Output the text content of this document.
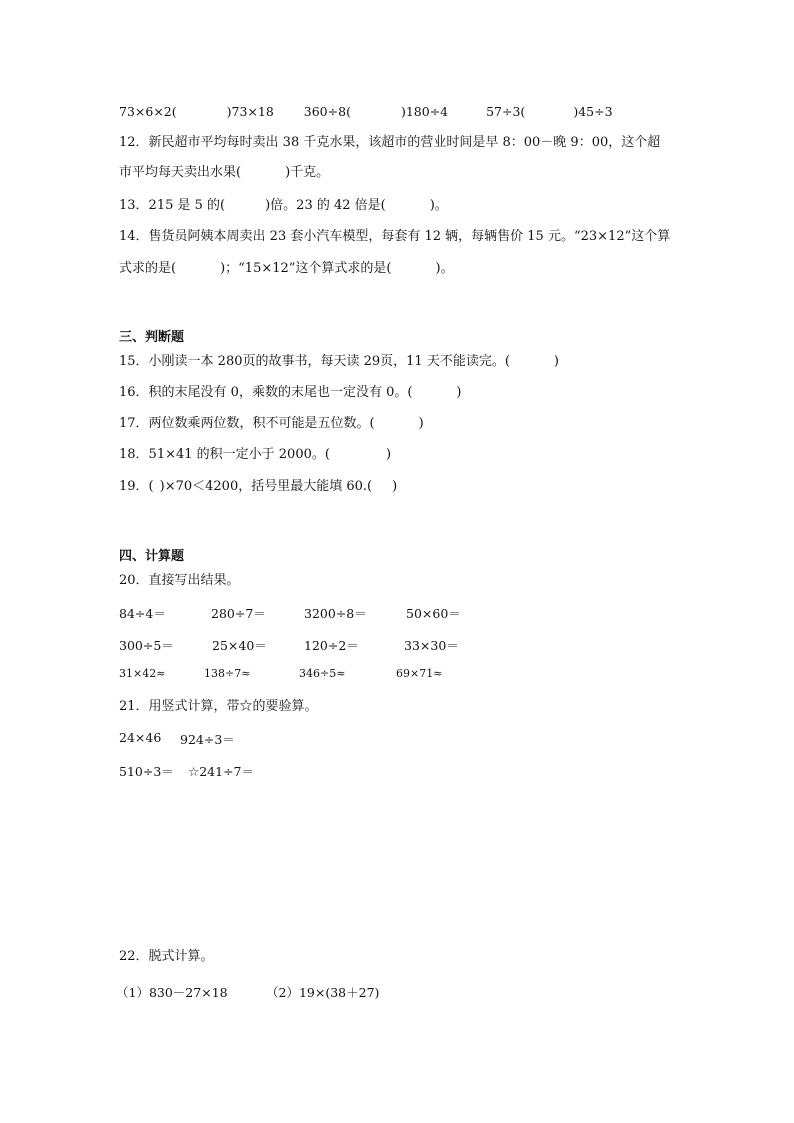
73×6×2(	)73×18 360÷8(	)180÷4	57÷3(	)45÷3
12．新民超市平均每时卖出 38 千克水果，该超市的营业时间是早 8：00－晚 9：00，这个超
市平均每天卖出水果(	)千克。
13．215 是 5 的(	)倍。23 的 42 倍是(	)。
14．售货员阿姨本周卖出 23 套小汽车模型，每套有 12 辆，每辆售价 15 元。“23×12”这个算
式求的是(	)；“15×12”这个算式求的是(	)。
三、判断题
15．小刚读一本 280页的故事书，每天读 29页，11 天不能读完。(	)
16．积的末尾没有 0，乘数的末尾也一定没有 0。(	)
17．两位数乘两位数，积不可能是五位数。(	)
18．51×41 的积一定小于 2000。(	)
19．( )×70＜4200，括号里最大能填 60.( )
四、计算题
20．直接写出结果。
84÷4＝	280÷7＝	3200÷8＝	50×60＝
300÷5＝	25×40＝	120÷2＝	33×30＝
31×42≈	138÷7≈	346÷5≈	69×71≈
21．用竖式计算，带☆的要验算。
24×46 924÷3＝
510÷3＝ ☆241÷7＝
22．脱式计算。
（1）830－27×18	（2）19×(38＋27)
